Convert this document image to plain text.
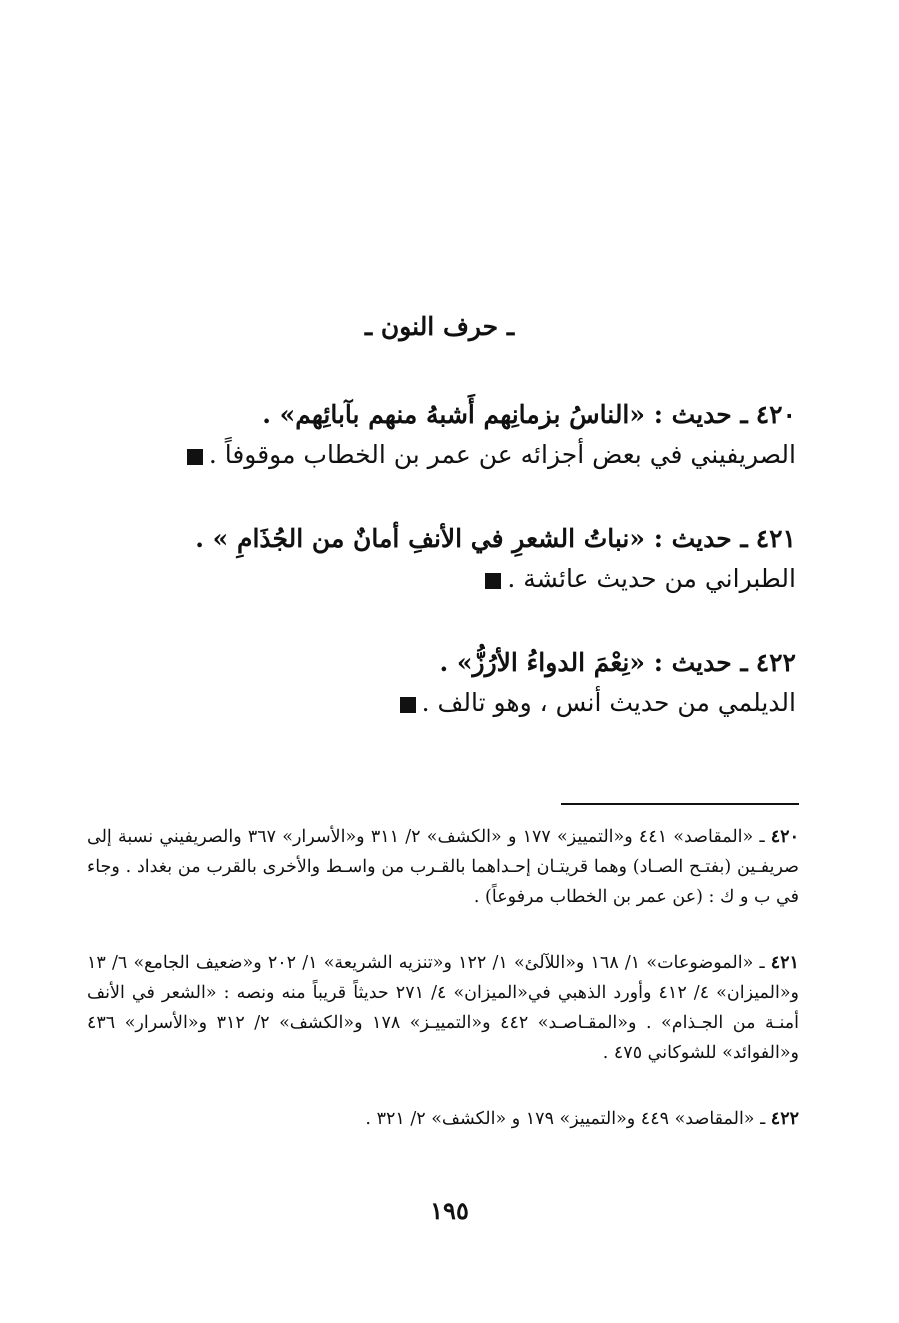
ـ حرف النون ـ
٤٢٠ ـ حديث : «الناسُ بزمانِهم أَشبهُ منهم بآبائِهم» .
الصريفيني في بعض أجزائه عن عمر بن الخطاب موقوفاً .
٤٢١ ـ حديث : «نباتُ الشعرِ في الأنفِ أمانٌ من الجُذَامِ » .
الطبراني من حديث عائشة .
٤٢٢ ـ حديث : «نِعْمَ الدواءُ الأرُزُّ» .
الديلمي من حديث أنس ، وهو تالف .
٤٢٠ ـ «المقاصد» ٤٤١ و«التمييز» ١٧٧ و «الكشف» ٢/ ٣١١ و«الأسرار» ٣٦٧ والصريفيني نسبة إلى صريفـين (بفتـح الصـاد) وهما قريتـان إحـداهما بالقـرب من واسـط والأخرى بالقرب من بغداد . وجاء في ب و ك : (عن عمر بن الخطاب مرفوعاً) .
٤٢١ ـ «الموضوعات» ١/ ١٦٨ و«اللآلئ» ١/ ١٢٢ و«تنزيه الشريعة» ١/ ٢٠٢ و«ضعيف الجامع» ٦/ ١٣ و«الميزان» ٤/ ٤١٢ وأورد الذهبي في«الميزان» ٤/ ٢٧١ حديثاً قريباً منه ونصه : «الشعر في الأنف أمنـة من الجـذام» . و«المقـاصـد» ٤٤٢ و«التمييـز» ١٧٨ و«الكشف» ٢/ ٣١٢ و«الأسرار» ٤٣٦ و«الفوائد» للشوكاني ٤٧٥ .
٤٢٢ ـ «المقاصد» ٤٤٩ و«التمييز» ١٧٩ و «الكشف» ٢/ ٣٢١ .
١٩٥
